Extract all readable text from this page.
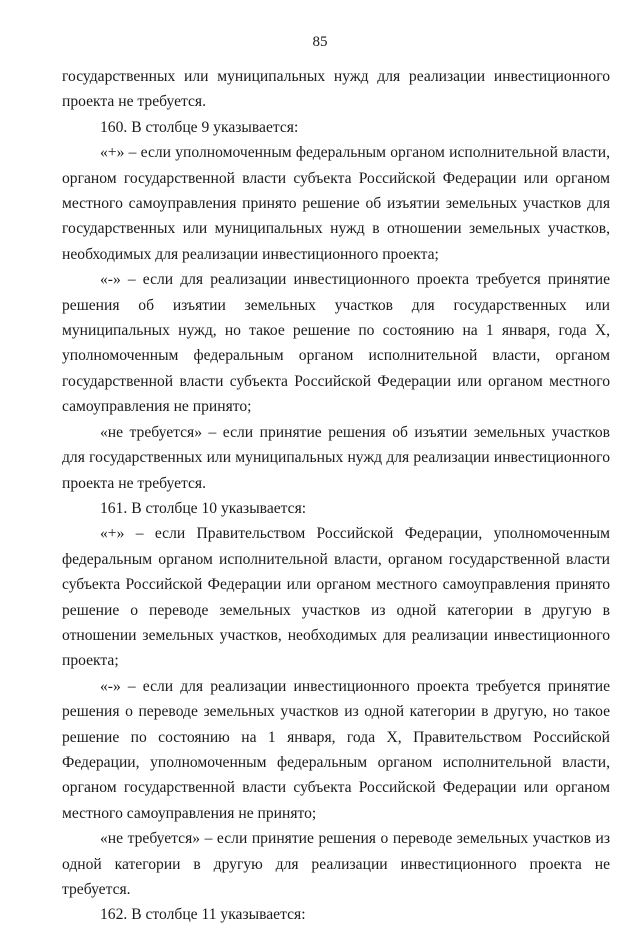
85

государственных или муниципальных нужд для реализации инвестиционного проекта не требуется.

160. В столбце 9 указывается:

«+» – если уполномоченным федеральным органом исполнительной власти, органом государственной власти субъекта Российской Федерации или органом местного самоуправления принято решение об изъятии земельных участков для государственных или муниципальных нужд в отношении земельных участков, необходимых для реализации инвестиционного проекта;

«-» – если для реализации инвестиционного проекта требуется принятие решения об изъятии земельных участков для государственных или муниципальных нужд, но такое решение по состоянию на 1 января, года X, уполномоченным федеральным органом исполнительной власти, органом государственной власти субъекта Российской Федерации или органом местного самоуправления не принято;

«не требуется» – если принятие решения об изъятии земельных участков для государственных или муниципальных нужд для реализации инвестиционного проекта не требуется.

161. В столбце 10 указывается:

«+» – если Правительством Российской Федерации, уполномоченным федеральным органом исполнительной власти, органом государственной власти субъекта Российской Федерации или органом местного самоуправления принято решение о переводе земельных участков из одной категории в другую в отношении земельных участков, необходимых для реализации инвестиционного проекта;

«-» – если для реализации инвестиционного проекта требуется принятие решения о переводе земельных участков из одной категории в другую, но такое решение по состоянию на 1 января, года X, Правительством Российской Федерации, уполномоченным федеральным органом исполнительной власти, органом государственной власти субъекта Российской Федерации или органом местного самоуправления не принято;

«не требуется» – если принятие решения о переводе земельных участков из одной категории в другую для реализации инвестиционного проекта не требуется.

162. В столбце 11 указывается:
